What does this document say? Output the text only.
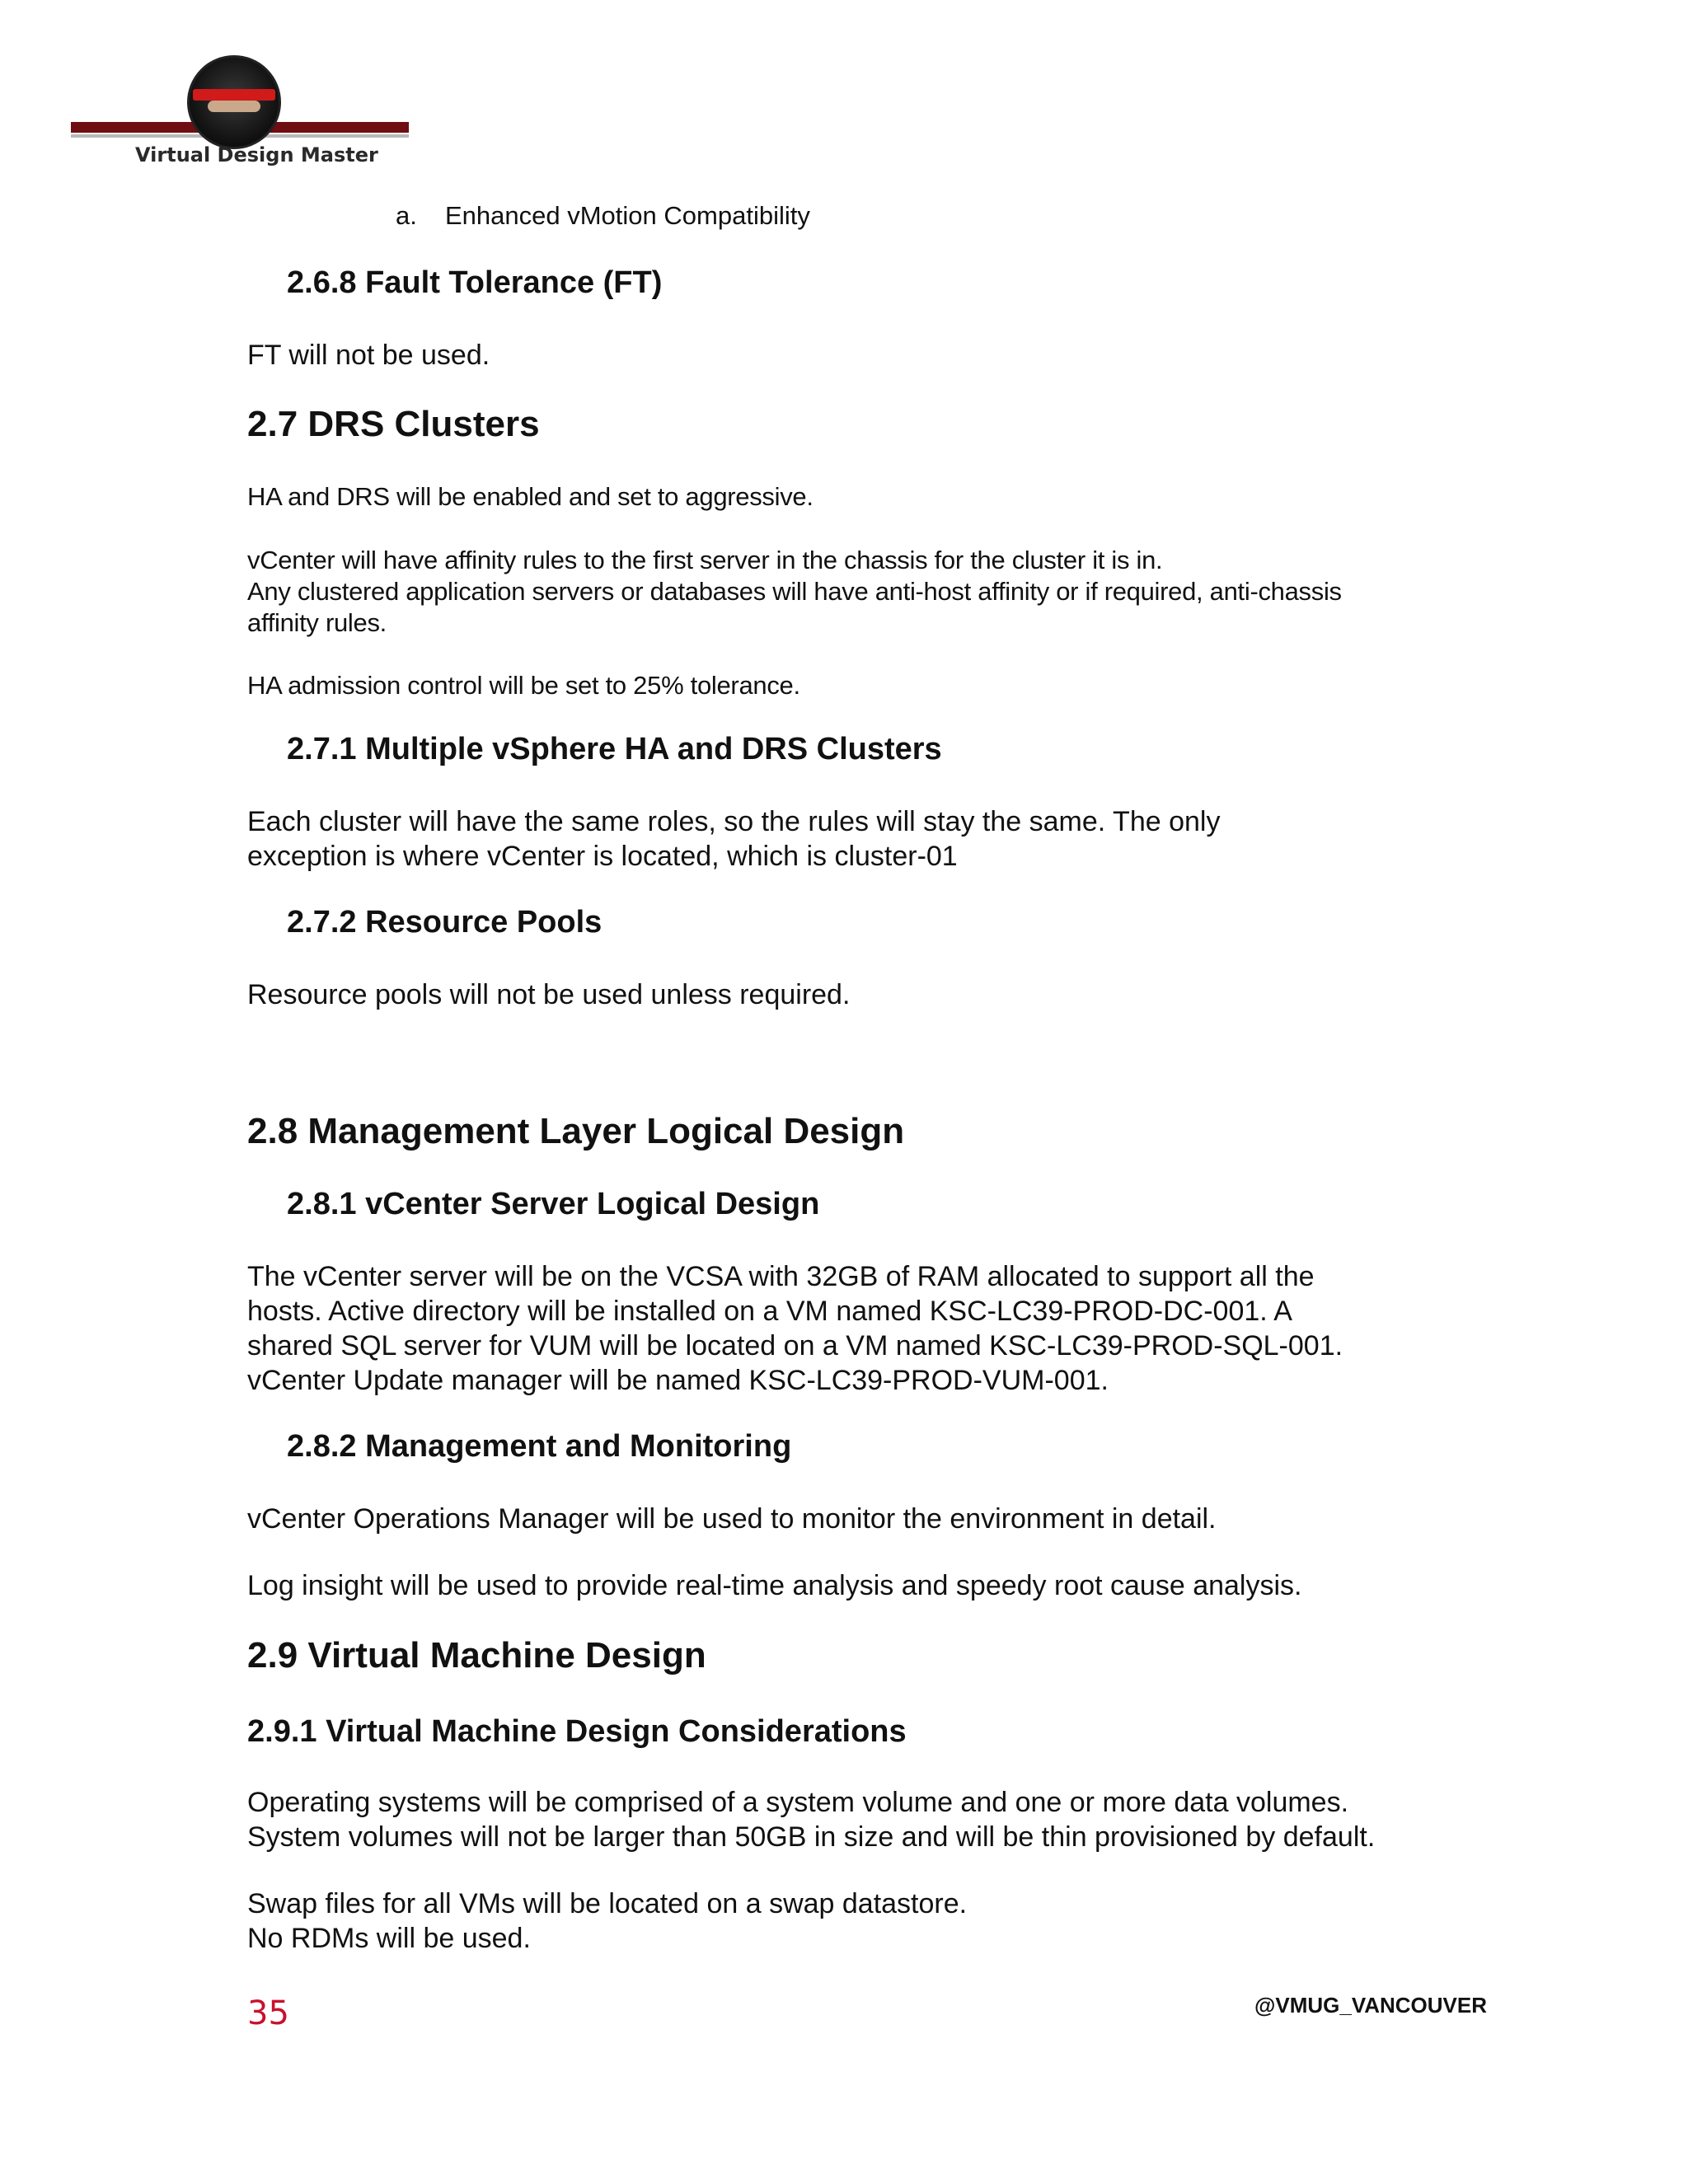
Virtual Design Master
a. Enhanced vMotion Compatibility
2.6.8 Fault Tolerance (FT)
FT will not be used.
2.7 DRS Clusters
HA and DRS will be enabled and set to aggressive.
vCenter will have affinity rules to the first server in the chassis for the cluster it is in.
Any clustered application servers or databases will have anti-host affinity or if required, anti-chassis
affinity rules.
HA admission control will be set to 25% tolerance.
2.7.1 Multiple vSphere HA and DRS Clusters
Each cluster will have the same roles, so the rules will stay the same. The only
exception is where vCenter is located, which is cluster-01
2.7.2 Resource Pools
Resource pools will not be used unless required.
2.8 Management Layer Logical Design
2.8.1 vCenter Server Logical Design
The vCenter server will be on the VCSA with 32GB of RAM allocated to support all the
hosts. Active directory will be installed on a VM named KSC-LC39-PROD-DC-001. A
shared SQL server for VUM will be located on a VM named KSC-LC39-PROD-SQL-001.
vCenter Update manager will be named KSC-LC39-PROD-VUM-001.
2.8.2 Management and Monitoring
vCenter Operations Manager will be used to monitor the environment in detail.
Log insight will be used to provide real-time analysis and speedy root cause analysis.
2.9 Virtual Machine Design
2.9.1 Virtual Machine Design Considerations
Operating systems will be comprised of a system volume and one or more data volumes.
System volumes will not be larger than 50GB in size and will be thin provisioned by default.
Swap files for all VMs will be located on a swap datastore.
No RDMs will be used.
35	@VMUG_VANCOUVER
